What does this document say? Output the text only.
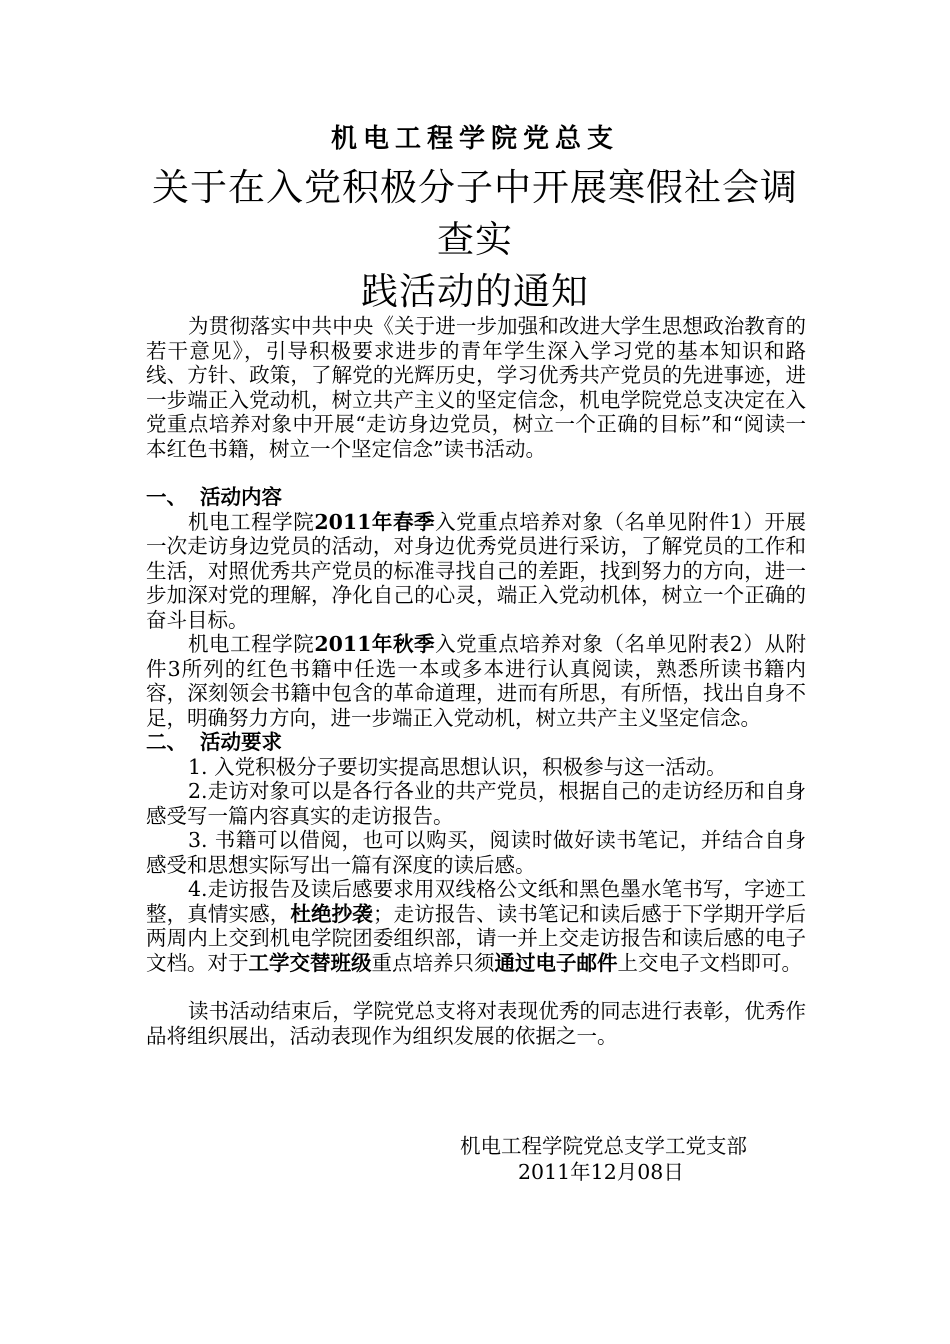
机电工程学院党总支
关于在入党积极分子中开展寒假社会调查实
践活动的通知

为贯彻落实中共中央《关于进一步加强和改进大学生思想政治教育的若干意见》，引导积极要求进步的青年学生深入学习党的基本知识和路线、方针、政策，了解党的光辉历史，学习优秀共产党员的先进事迹，进一步端正入党动机，树立共产主义的坚定信念，机电学院党总支决定在入党重点培养对象中开展“走访身边党员，树立一个正确的目标”和“阅读一本红色书籍，树立一个坚定信念”读书活动。

一、 活动内容

机电工程学院2011年春季入党重点培养对象（名单见附件1）开展一次走访身边党员的活动，对身边优秀党员进行采访，了解党员的工作和生活，对照优秀共产党员的标准寻找自己的差距，找到努力的方向，进一步加深对党的理解，净化自己的心灵，端正入党动机体，树立一个正确的奋斗目标。

机电工程学院2011年秋季入党重点培养对象（名单见附表2）从附件3所列的红色书籍中任选一本或多本进行认真阅读，熟悉所读书籍内容，深刻领会书籍中包含的革命道理，进而有所思，有所悟，找出自身不足，明确努力方向，进一步端正入党动机，树立共产主义坚定信念。

二、 活动要求

1. 入党积极分子要切实提高思想认识，积极参与这一活动。

2.走访对象可以是各行各业的共产党员，根据自己的走访经历和自身感受写一篇内容真实的走访报告。

3. 书籍可以借阅，也可以购买，阅读时做好读书笔记，并结合自身感受和思想实际写出一篇有深度的读后感。

4.走访报告及读后感要求用双线格公文纸和黑色墨水笔书写，字迹工整，真情实感，杜绝抄袭；走访报告、读书笔记和读后感于下学期开学后两周内上交到机电学院团委组织部，请一并上交走访报告和读后感的电子文档。对于工学交替班级重点培养只须通过电子邮件上交电子文档即可。

读书活动结束后，学院党总支将对表现优秀的同志进行表彰，优秀作品将组织展出，活动表现作为组织发展的依据之一。

机电工程学院党总支学工党支部
2011年12月08日
